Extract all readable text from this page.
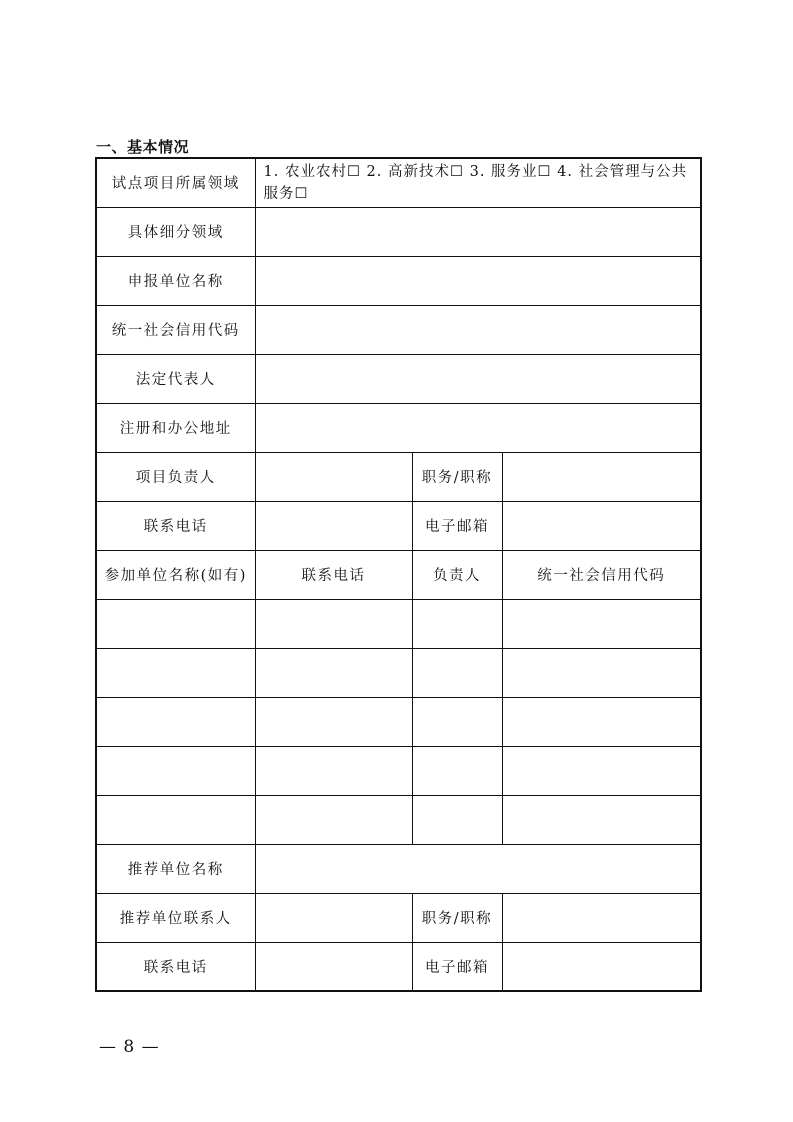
一、基本情况
试点项目所属领域	1. 农业农村☐ 2. 高新技术☐ 3. 服务业☐ 4. 社会管理与公共服务☐		
具体细分领域			
申报单位名称			
统一社会信用代码			
法定代表人			
注册和办公地址			
项目负责人		职务/职称	
联系电话		电子邮箱	
参加单位名称(如有)	联系电话	负责人	统一社会信用代码

推荐单位名称			
推荐单位联系人		职务/职称	
联系电话		电子邮箱	
— 8 —
